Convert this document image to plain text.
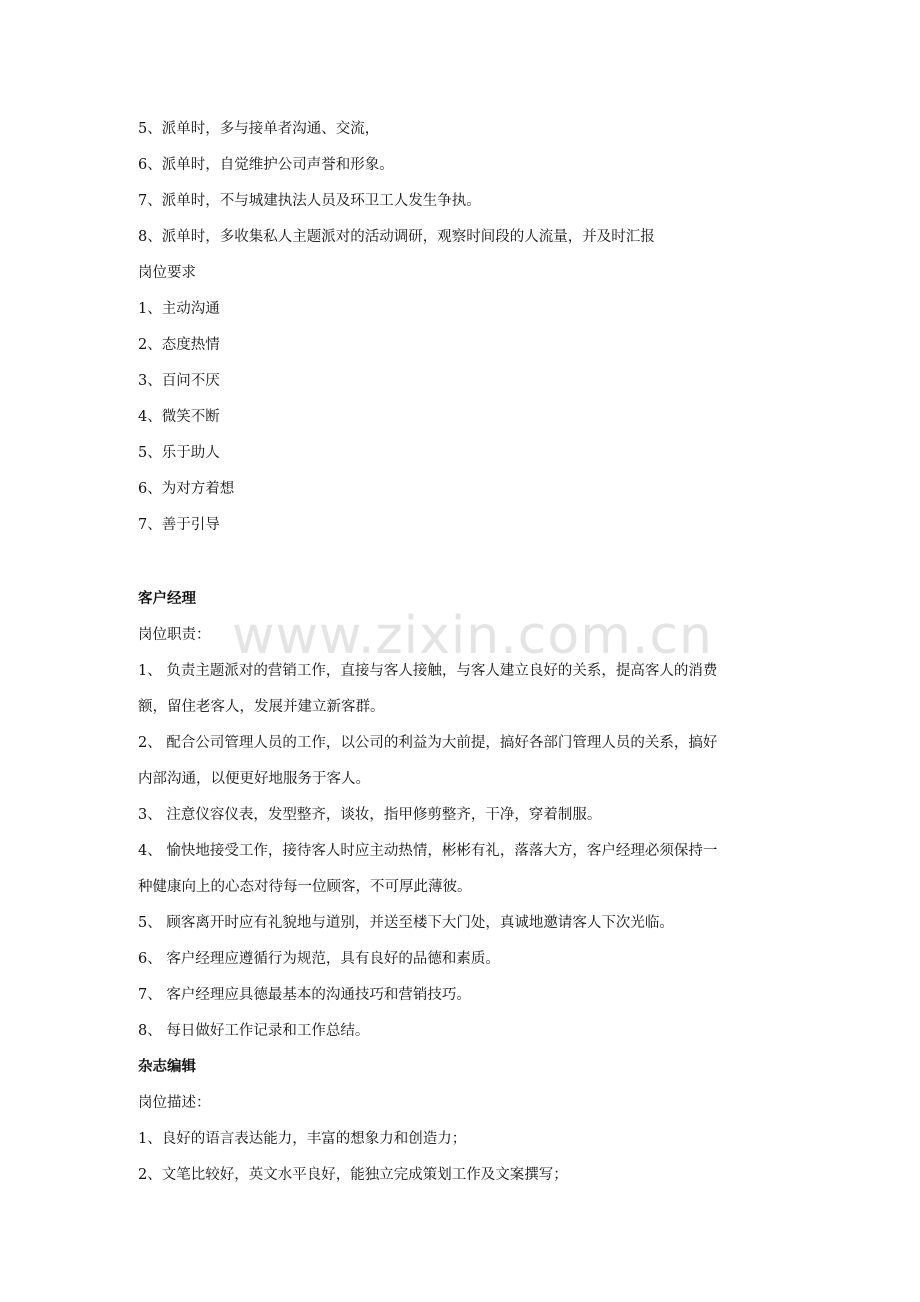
www.zixin.com.cn
5、派单时，多与接单者沟通、交流，
6、派单时，自觉维护公司声誉和形象。
7、派单时，不与城建执法人员及环卫工人发生争执。
8、派单时，多收集私人主题派对的活动调研，观察时间段的人流量，并及时汇报
岗位要求
1、主动沟通
2、态度热情
3、百问不厌
4、微笑不断
5、乐于助人
6、为对方着想
7、善于引导
客户经理
岗位职责：
1、 负责主题派对的营销工作，直接与客人接触，与客人建立良好的关系，提高客人的消费
额，留住老客人，发展并建立新客群。
2、 配合公司管理人员的工作，以公司的利益为大前提，搞好各部门管理人员的关系，搞好
内部沟通，以便更好地服务于客人。
3、 注意仪容仪表，发型整齐，谈妆，指甲修剪整齐，干净，穿着制服。
4、 愉快地接受工作，接待客人时应主动热情，彬彬有礼，落落大方，客户经理必须保持一
种健康向上的心态对待每一位顾客，不可厚此薄彼。
5、 顾客离开时应有礼貌地与道别，并送至楼下大门处，真诚地邀请客人下次光临。
6、 客户经理应遵循行为规范，具有良好的品德和素质。
7、 客户经理应具德最基本的沟通技巧和营销技巧。
8、 每日做好工作记录和工作总结。
杂志编辑
岗位描述：
1、良好的语言表达能力，丰富的想象力和创造力；
2、文笔比较好，英文水平良好，能独立完成策划工作及文案撰写；
